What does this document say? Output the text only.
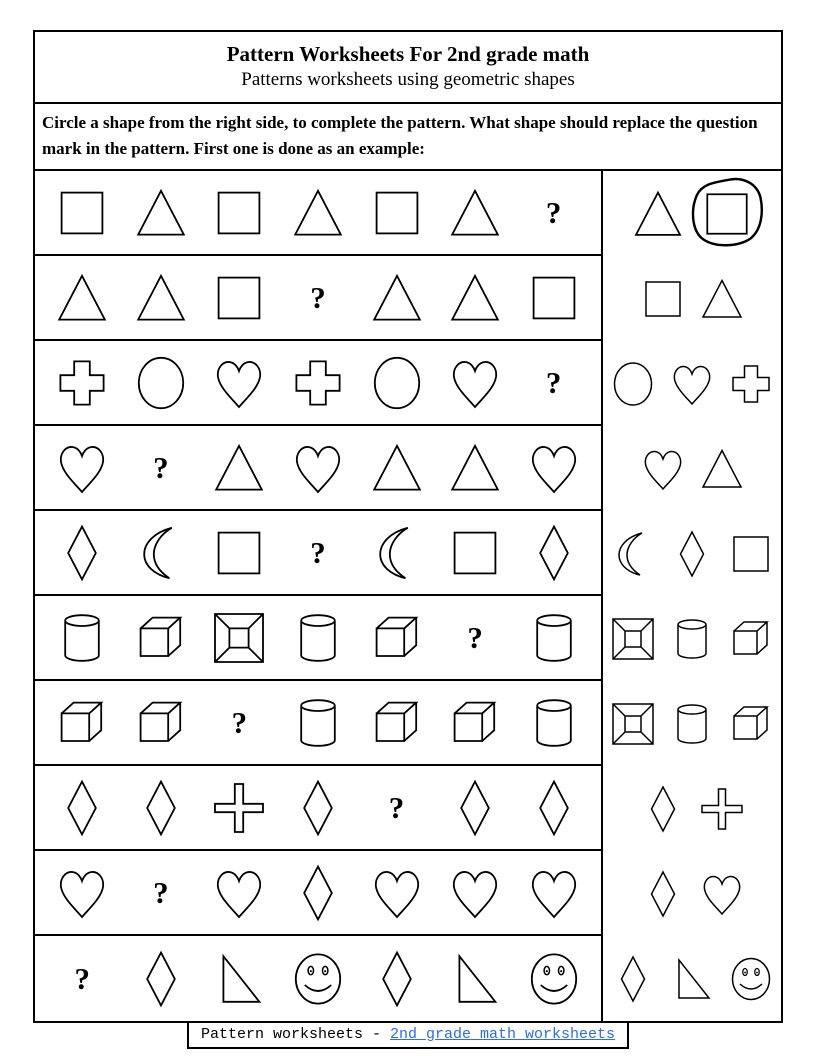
Pattern Worksheets For 2nd grade math
Patterns worksheets using geometric shapes
Circle a shape from the right side, to complete the pattern. What shape should replace the question mark in the pattern. First one is done as an example:
?
?
?
?
?
?
?
?
?
?
Pattern worksheets - 2nd grade math worksheets
